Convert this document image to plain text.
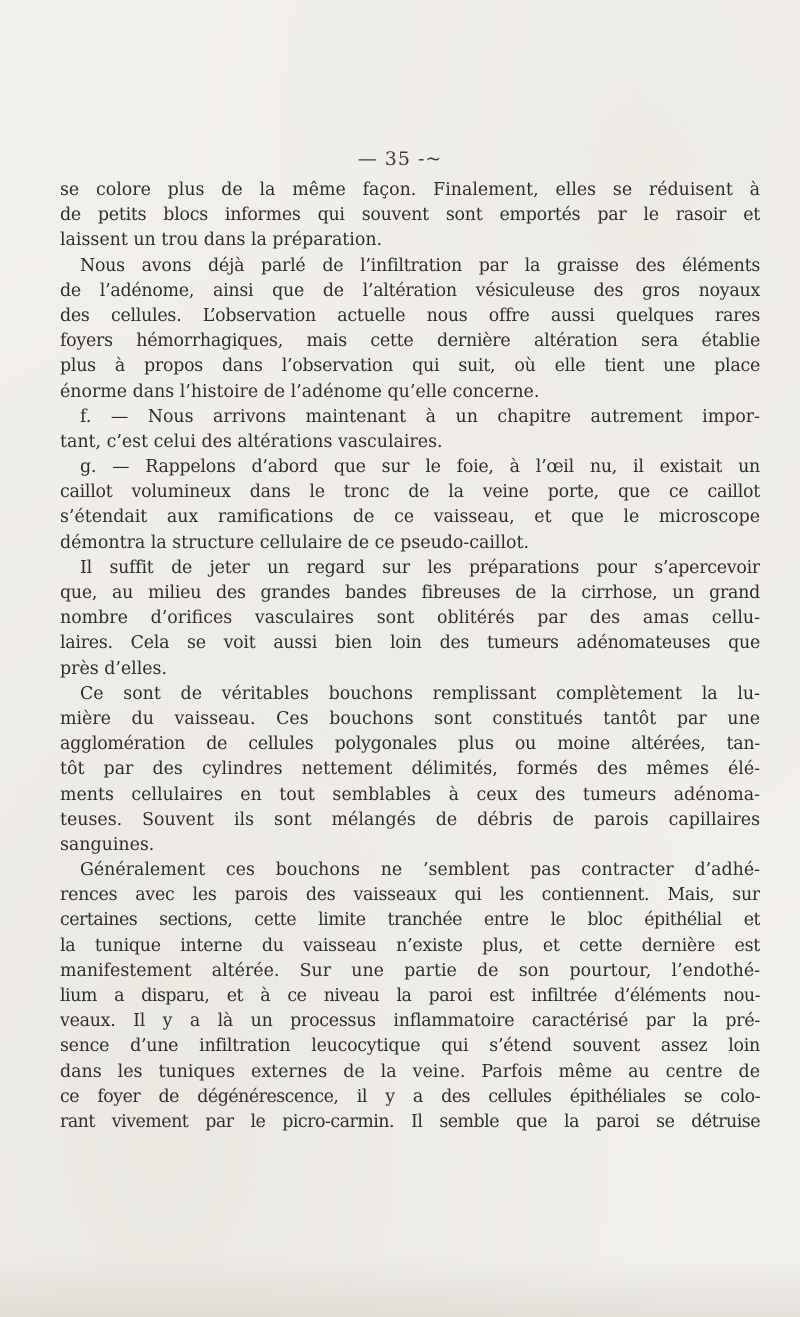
— 35 -~
se colore plus de la même façon. Finalement, elles se réduisent à
de petits blocs informes qui souvent sont emportés par le rasoir et
laissent un trou dans la préparation.
Nous avons déjà parlé de l’infiltration par la graisse des éléments
de l’adénome, ainsi que de l’altération vésiculeuse des gros noyaux
des cellules. L’observation actuelle nous offre aussi quelques rares
foyers hémorrhagiques, mais cette dernière altération sera établie
plus à propos dans l’observation qui suit, où elle tient une place
énorme dans l’histoire de l’adénome qu’elle concerne.
f. — Nous arrivons maintenant à un chapitre autrement impor-
tant, c’est celui des altérations vasculaires.
g. — Rappelons d’abord que sur le foie, à l’œil nu, il existait un
caillot volumineux dans le tronc de la veine porte, que ce caillot
s’étendait aux ramifications de ce vaisseau, et que le microscope
démontra la structure cellulaire de ce pseudo-caillot.
Il suffit de jeter un regard sur les préparations pour s’apercevoir
que, au milieu des grandes bandes fibreuses de la cirrhose, un grand
nombre d’orifices vasculaires sont oblitérés par des amas cellu-
laires. Cela se voit aussi bien loin des tumeurs adénomateuses que
près d’elles.
Ce sont de véritables bouchons remplissant complètement la lu-
mière du vaisseau. Ces bouchons sont constitués tantôt par une
agglomération de cellules polygonales plus ou moine altérées, tan-
tôt par des cylindres nettement délimités, formés des mêmes élé-
ments cellulaires en tout semblables à ceux des tumeurs adénoma-
teuses. Souvent ils sont mélangés de débris de parois capillaires
sanguines.
Généralement ces bouchons ne ’semblent pas contracter d’adhé-
rences avec les parois des vaisseaux qui les contiennent. Mais, sur
certaines sections, cette limite tranchée entre le bloc épithélial et
la tunique interne du vaisseau n’existe plus, et cette dernière est
manifestement altérée. Sur une partie de son pourtour, l’endothé-
lium a disparu, et à ce niveau la paroi est infiltrée d’éléments nou-
veaux. Il y a là un processus inflammatoire caractérisé par la pré-
sence d’une infiltration leucocytique qui s’étend souvent assez loin
dans les tuniques externes de la veine. Parfois même au centre de
ce foyer de dégénérescence, il y a des cellules épithéliales se colo-
rant vivement par le picro-carmin. Il semble que la paroi se détruise
